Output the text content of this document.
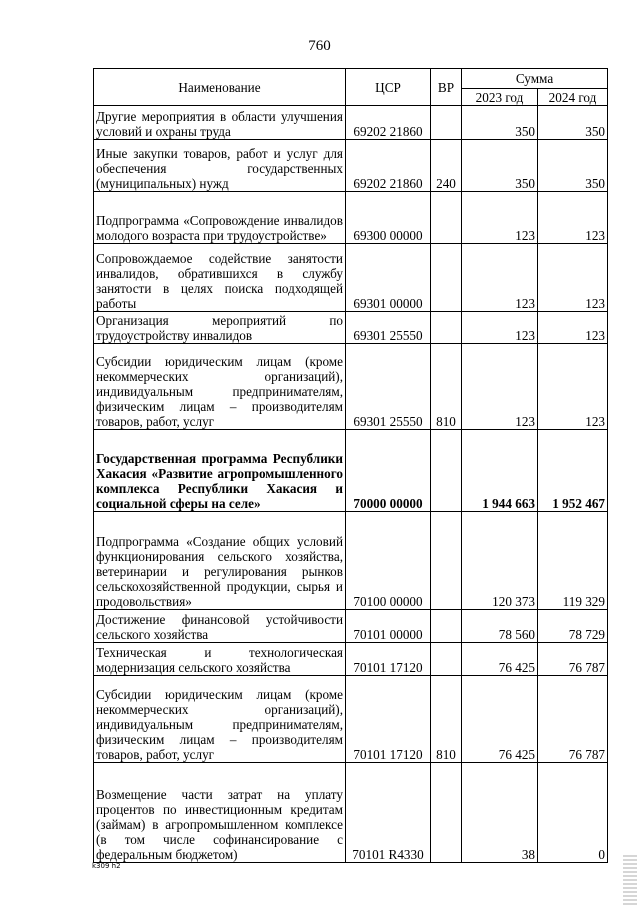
760
Наименование	ЦСР	ВР	Сумма	
			2023 год	2024 год
Другие мероприятия в области улучшения условий и охраны труда	69202 21860		350	350
Иные закупки товаров, работ и услуг для обеспечения государственных (муниципальных) нужд	69202 21860	240	350	350
Подпрограмма «Сопровождение инвалидов молодого возраста при трудоустройстве»	69300 00000		123	123
Сопровождаемое содействие занятости инвалидов, обратившихся в службу занятости в целях поиска подходящей работы	69301 00000		123	123
Организация мероприятий по трудоустройству инвалидов	69301 25550		123	123
Субсидии юридическим лицам (кроме некоммерческих организаций), индивидуальным предпринимателям, физическим лицам – производителям товаров, работ, услуг	69301 25550	810	123	123
Государственная программа Республики Хакасия «Развитие агропромышленного комплекса Республики Хакасия и социальной сферы на селе»	70000 00000		1 944 663	1 952 467
Подпрограмма «Создание общих условий функционирования сельского хозяйства, ветеринарии и регулирования рынков сельскохозяйственной продукции, сырья и продовольствия»	70100 00000		120 373	119 329
Достижение финансовой устойчивости сельского хозяйства	70101 00000		78 560	78 729
Техническая и технологическая модернизация сельского хозяйства	70101 17120		76 425	76 787
Субсидии юридическим лицам (кроме некоммерческих организаций), индивидуальным предпринимателям, физическим лицам – производителям товаров, работ, услуг	70101 17120	810	76 425	76 787
Возмещение части затрат на уплату процентов по инвестиционным кредитам (займам) в агропромышленном комплексе (в том числе софинансирование с федеральным бюджетом)	70101 R4330		38	0
k309 h2
